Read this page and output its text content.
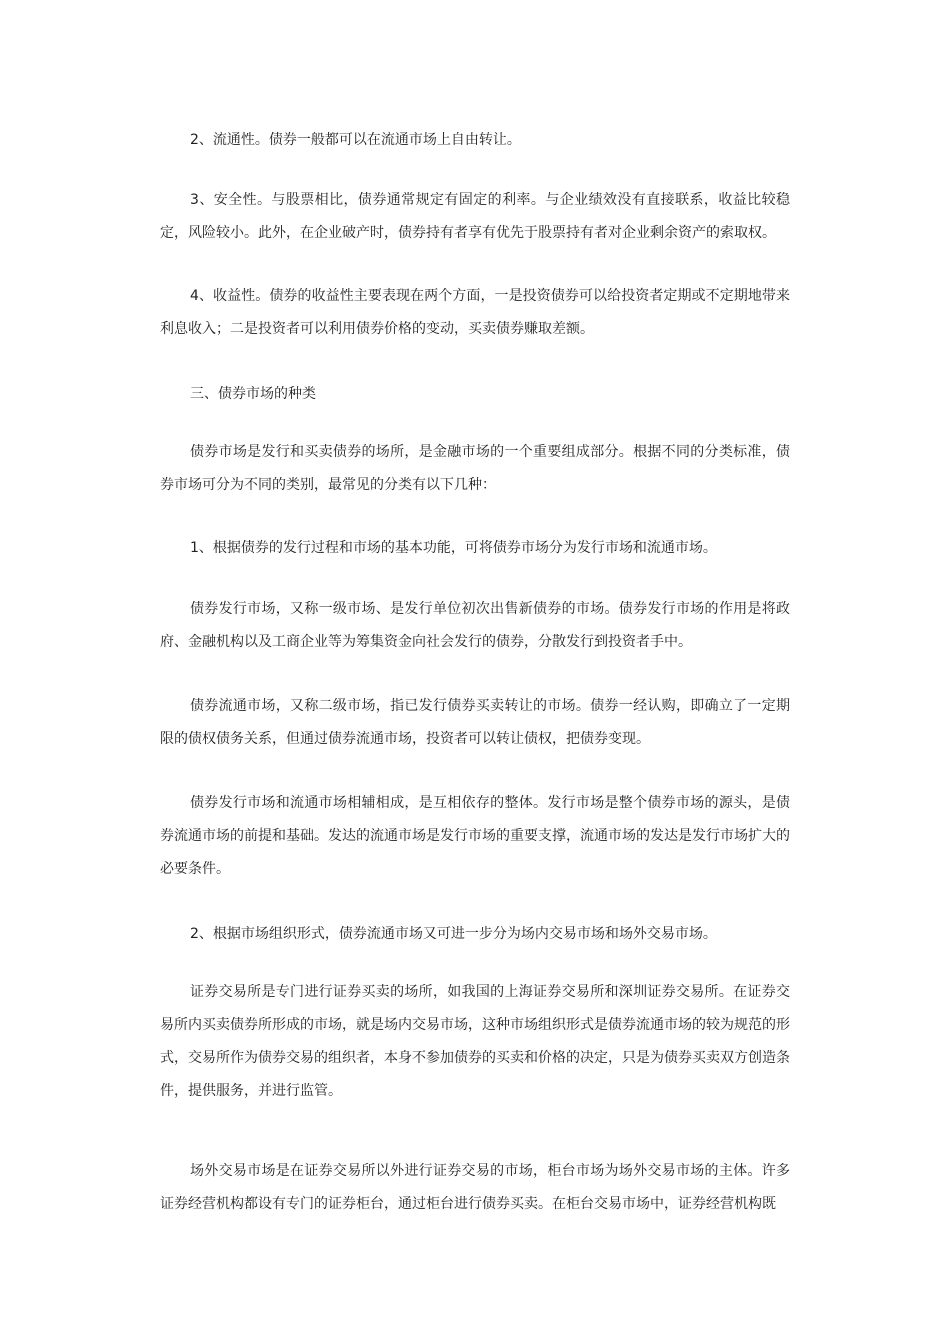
2、流通性。债券一般都可以在流通市场上自由转让。

3、安全性。与股票相比，债券通常规定有固定的利率。与企业绩效没有直接联系，收益比较稳定，风险较小。此外，在企业破产时，债券持有者享有优先于股票持有者对企业剩余资产的索取权。

4、收益性。债券的收益性主要表现在两个方面，一是投资债券可以给投资者定期或不定期地带来利息收入；二是投资者可以利用债券价格的变动，买卖债券赚取差额。

三、债券市场的种类

债券市场是发行和买卖债券的场所，是金融市场的一个重要组成部分。根据不同的分类标准，债券市场可分为不同的类别，最常见的分类有以下几种：

1、根据债券的发行过程和市场的基本功能，可将债券市场分为发行市场和流通市场。

债券发行市场，又称一级市场、是发行单位初次出售新债券的市场。债券发行市场的作用是将政府、金融机构以及工商企业等为筹集资金向社会发行的债券，分散发行到投资者手中。

债券流通市场，又称二级市场，指已发行债券买卖转让的市场。债券一经认购，即确立了一定期限的债权债务关系，但通过债券流通市场，投资者可以转让债权，把债券变现。

债券发行市场和流通市场相辅相成，是互相依存的整体。发行市场是整个债券市场的源头，是债券流通市场的前提和基础。发达的流通市场是发行市场的重要支撑，流通市场的发达是发行市场扩大的必要条件。

2、根据市场组织形式，债券流通市场又可进一步分为场内交易市场和场外交易市场。

证券交易所是专门进行证券买卖的场所，如我国的上海证券交易所和深圳证券交易所。在证券交易所内买卖债券所形成的市场，就是场内交易市场，这种市场组织形式是债券流通市场的较为规范的形式，交易所作为债券交易的组织者，本身不参加债券的买卖和价格的决定，只是为债券买卖双方创造条件，提供服务，并进行监管。

场外交易市场是在证券交易所以外进行证券交易的市场，柜台市场为场外交易市场的主体。许多证券经营机构都设有专门的证券柜台，通过柜台进行债券买卖。在柜台交易市场中，证券经营机构既
